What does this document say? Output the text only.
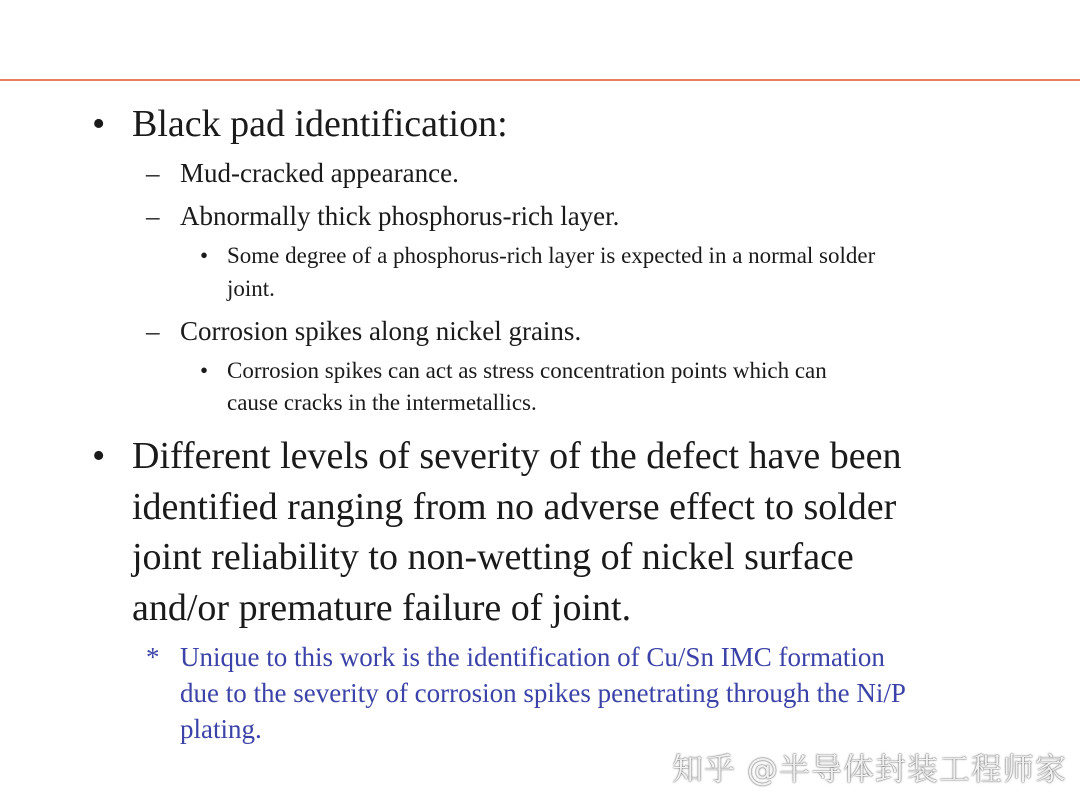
• Black pad identification:
– Mud-cracked appearance.
– Abnormally thick phosphorus-rich layer.
• Some degree of a phosphorus-rich layer is expected in a normal solder
joint.
– Corrosion spikes along nickel grains.
• Corrosion spikes can act as stress concentration points which can
cause cracks in the intermetallics.
• Different levels of severity of the defect have been
identified ranging from no adverse effect to solder
joint reliability to non-wetting of nickel surface
and/or premature failure of joint.
* Unique to this work is the identification of Cu/Sn IMC formation
due to the severity of corrosion spikes penetrating through the Ni/P
plating.
知乎 @半导体封装工程师家
